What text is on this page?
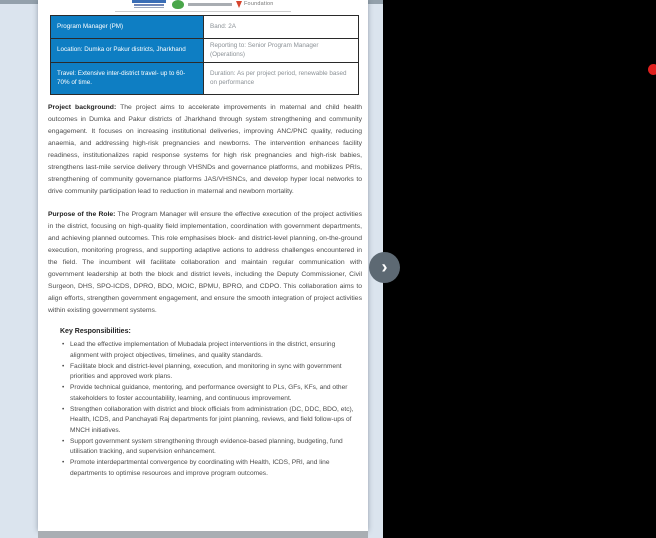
Foundation
Program Manager (PM)	Band: 2A
Location: Dumka or Pakur districts, Jharkhand
Reporting to: Senior Program Manager (Operations)
Travel: Extensive inter-district travel- up to 60-70% of time.
Duration: As per project period, renewable based on performance

Project background: The project aims to accelerate improvements in maternal and child health outcomes in Dumka and Pakur districts of Jharkhand through system strengthening and community engagement. It focuses on increasing institutional deliveries, improving ANC/PNC quality, reducing anaemia, and addressing high-risk pregnancies and newborns. The intervention enhances facility readiness, institutionalizes rapid response systems for high risk pregnancies and high-risk babies, strengthens last-mile service delivery through VHSNDs and governance platforms, and mobilizes PRIs, strengthening of community governance platforms JAS/VHSNCs, and develop hyper local networks to drive community participation lead to reduction in maternal and newborn mortality.

Purpose of the Role: The Program Manager will ensure the effective execution of the project activities in the district, focusing on high-quality field implementation, coordination with government departments, and achieving planned outcomes. This role emphasises block- and district-level planning, on-the-ground execution, monitoring progress, and supporting adaptive actions to address challenges encountered in the field. The incumbent will facilitate collaboration and maintain regular communication with government leadership at both the block and district levels, including the Deputy Commissioner, Civil Surgeon, DHS, SPO-ICDS, DPRO, BDO, MOIC, BPMU, BPRO, and CDPO. This collaboration aims to align efforts, strengthen government engagement, and ensure the smooth integration of project activities within existing government systems.

Key Responsibilities:
• Lead the effective implementation of Mubadala project interventions in the district, ensuring alignment with project objectives, timelines, and quality standards.
• Facilitate block and district-level planning, execution, and monitoring in sync with government priorities and approved work plans.
• Provide technical guidance, mentoring, and performance oversight to PLs, GFs, KFs, and other stakeholders to foster accountability, learning, and continuous improvement.
• Strengthen collaboration with district and block officials from administration (DC, DDC, BDO, etc), Health, ICDS, and Panchayati Raj departments for joint planning, reviews, and field follow-ups of MNCH initiatives.
• Support government system strengthening through evidence-based planning, budgeting, fund utilisation tracking, and supervision enhancement.
• Promote interdepartmental convergence by coordinating with Health, ICDS, PRI, and line departments to optimise resources and improve program outcomes.
›
